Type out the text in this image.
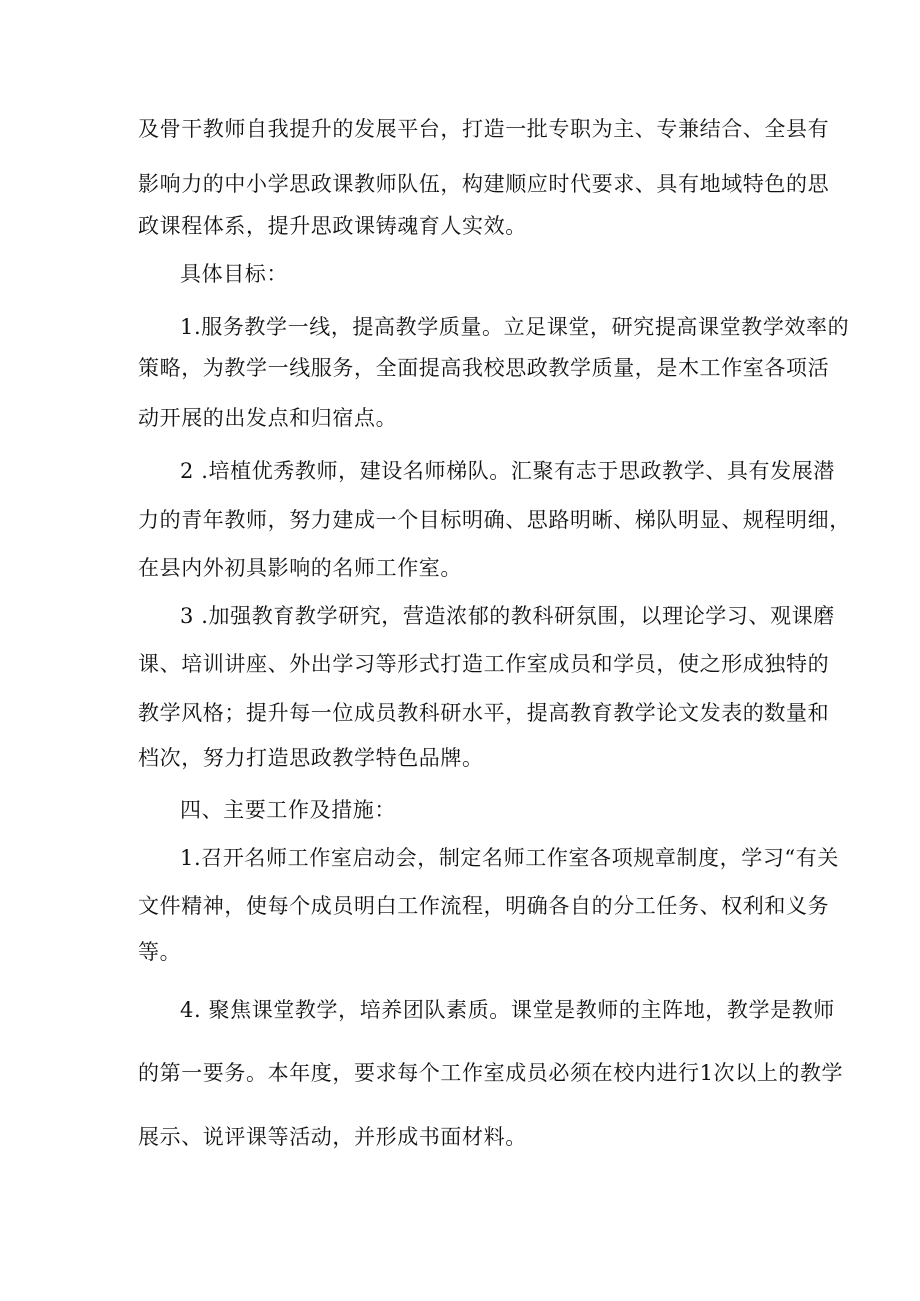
及骨干教师自我提升的发展平台，打造一批专职为主、专兼结合、全县有
影响力的中小学思政课教师队伍，构建顺应时代要求、具有地域特色的思
政课程体系，提升思政课铸魂育人实效。
具体目标：
1.服务教学一线，提高教学质量。立足课堂，研究提高课堂教学效率的
策略，为教学一线服务，全面提高我校思政教学质量，是木工作室各项活
动开展的出发点和归宿点。
2 .培植优秀教师，建设名师梯队。汇聚有志于思政教学、具有发展潜
力的青年教师，努力建成一个目标明确、思路明晰、梯队明显、规程明细，
在县内外初具影响的名师工作室。
3 .加强教育教学研究，营造浓郁的教科研氛围，以理论学习、观课磨
课、培训讲座、外出学习等形式打造工作室成员和学员，使之形成独特的
教学风格；提升每一位成员教科研水平，提高教育教学论文发表的数量和
档次，努力打造思政教学特色品牌。
四、主要工作及措施：
1.召开名师工作室启动会，制定名师工作室各项规章制度，学习“有关
文件精神，使每个成员明白工作流程，明确各自的分工任务、权利和义务
等。
4. 聚焦课堂教学，培养团队素质。课堂是教师的主阵地，教学是教师
的第一要务。本年度，要求每个工作室成员必须在校内进行1次以上的教学
展示、说评课等活动，并形成书面材料。
